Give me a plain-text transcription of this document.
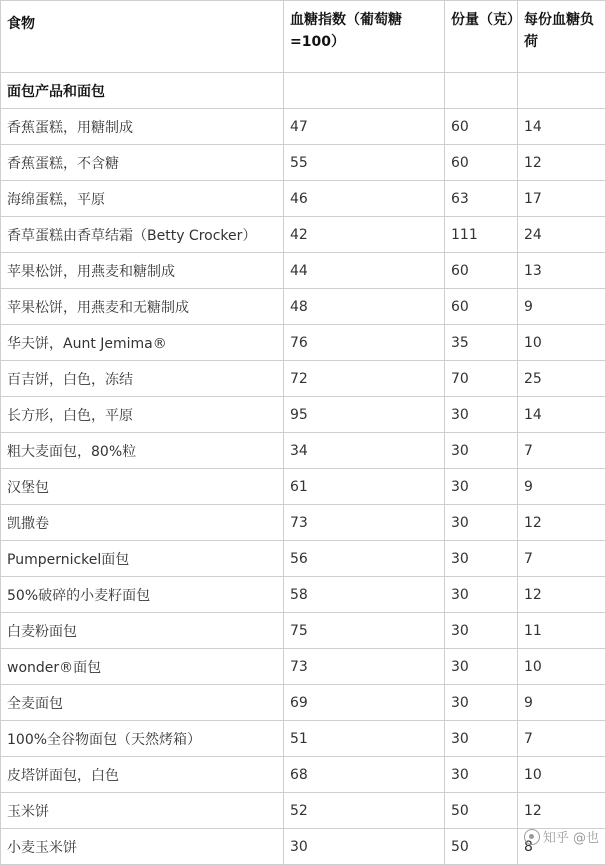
食物	血糖指数（葡萄糖=100）	份量（克）	每份血糖负荷
面包产品和面包			
香蕉蛋糕，用糖制成	47	60	14
香蕉蛋糕，不含糖	55	60	12
海绵蛋糕，平原	46	63	17
香草蛋糕由香草结霜（Betty Crocker）	42	111	24
苹果松饼，用燕麦和糖制成	44	60	13
苹果松饼，用燕麦和无糖制成	48	60	9
华夫饼，Aunt Jemima®	76	35	10
百吉饼，白色，冻结	72	70	25
长方形，白色，平原	95	30	14
粗大麦面包，80%粒	34	30	7
汉堡包	61	30	9
凯撒卷	73	30	12
Pumpernickel面包	56	30	7
50%破碎的小麦籽面包	58	30	12
白麦粉面包	75	30	11
wonder®面包	73	30	10
全麦面包	69	30	9
100%全谷物面包（天然烤箱）	51	30	7
皮塔饼面包，白色	68	30	10
玉米饼	52	50	12
小麦玉米饼	30	50	8 知乎 @也
